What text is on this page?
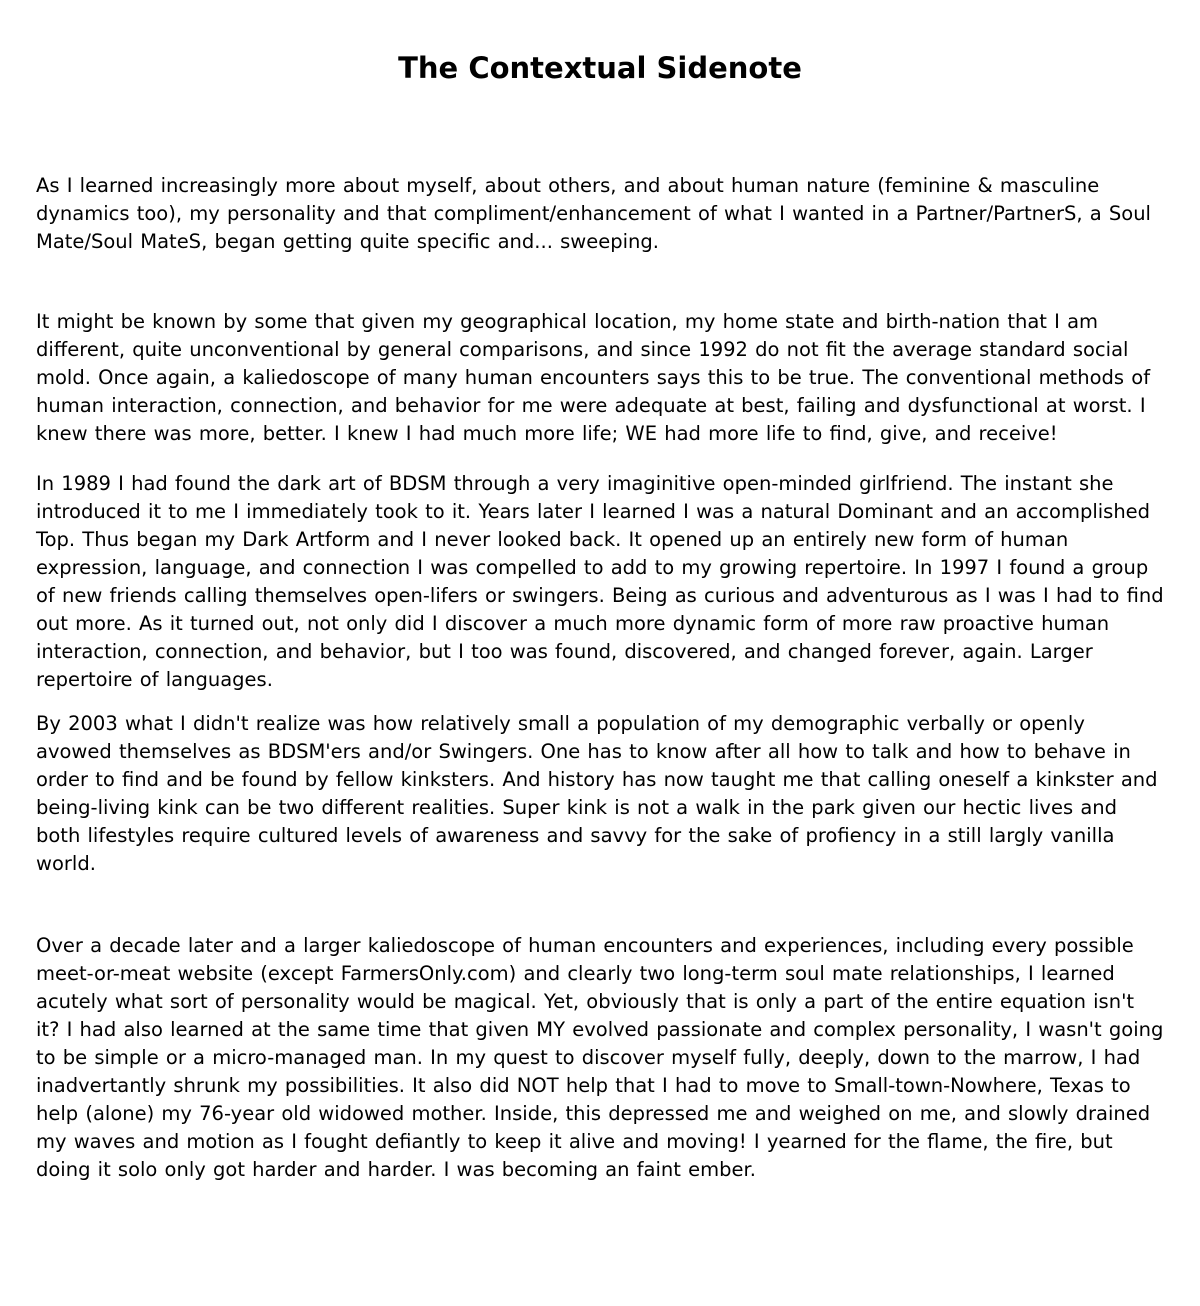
The Contextual Sidenote

As I learned increasingly more about myself, about others, and about human nature (feminine & masculine dynamics too), my personality and that compliment/enhancement of what I wanted in a Partner/PartnerS, a Soul Mate/Soul MateS, began getting quite specific and... sweeping.

It might be known by some that given my geographical location, my home state and birth-nation that I am different, quite unconventional by general comparisons, and since 1992 do not fit the average standard social mold. Once again, a kaliedoscope of many human encounters says this to be true. The conventional methods of human interaction, connection, and behavior for me were adequate at best, failing and dysfunctional at worst. I knew there was more, better. I knew I had much more life; WE had more life to find, give, and receive!

In 1989 I had found the dark art of BDSM through a very imaginitive open-minded girlfriend. The instant she introduced it to me I immediately took to it. Years later I learned I was a natural Dominant and an accomplished Top. Thus began my Dark Artform and I never looked back. It opened up an entirely new form of human expression, language, and connection I was compelled to add to my growing repertoire. In 1997 I found a group of new friends calling themselves open-lifers or swingers. Being as curious and adventurous as I was I had to find out more. As it turned out, not only did I discover a much more dynamic form of more raw proactive human interaction, connection, and behavior, but I too was found, discovered, and changed forever, again. Larger repertoire of languages.

By 2003 what I didn't realize was how relatively small a population of my demographic verbally or openly avowed themselves as BDSM'ers and/or Swingers. One has to know after all how to talk and how to behave in order to find and be found by fellow kinksters. And history has now taught me that calling oneself a kinkster and being-living kink can be two different realities. Super kink is not a walk in the park given our hectic lives and both lifestyles require cultured levels of awareness and savvy for the sake of profiency in a still largly vanilla world.

Over a decade later and a larger kaliedoscope of human encounters and experiences, including every possible meet-or-meat website (except FarmersOnly.com) and clearly two long-term soul mate relationships, I learned acutely what sort of personality would be magical. Yet, obviously that is only a part of the entire equation isn't it? I had also learned at the same time that given MY evolved passionate and complex personality, I wasn't going to be simple or a micro-managed man. In my quest to discover myself fully, deeply, down to the marrow, I had inadvertantly shrunk my possibilities. It also did NOT help that I had to move to Small-town-Nowhere, Texas to help (alone) my 76-year old widowed mother. Inside, this depressed me and weighed on me, and slowly drained my waves and motion as I fought defiantly to keep it alive and moving! I yearned for the flame, the fire, but doing it solo only got harder and harder. I was becoming an faint ember.
